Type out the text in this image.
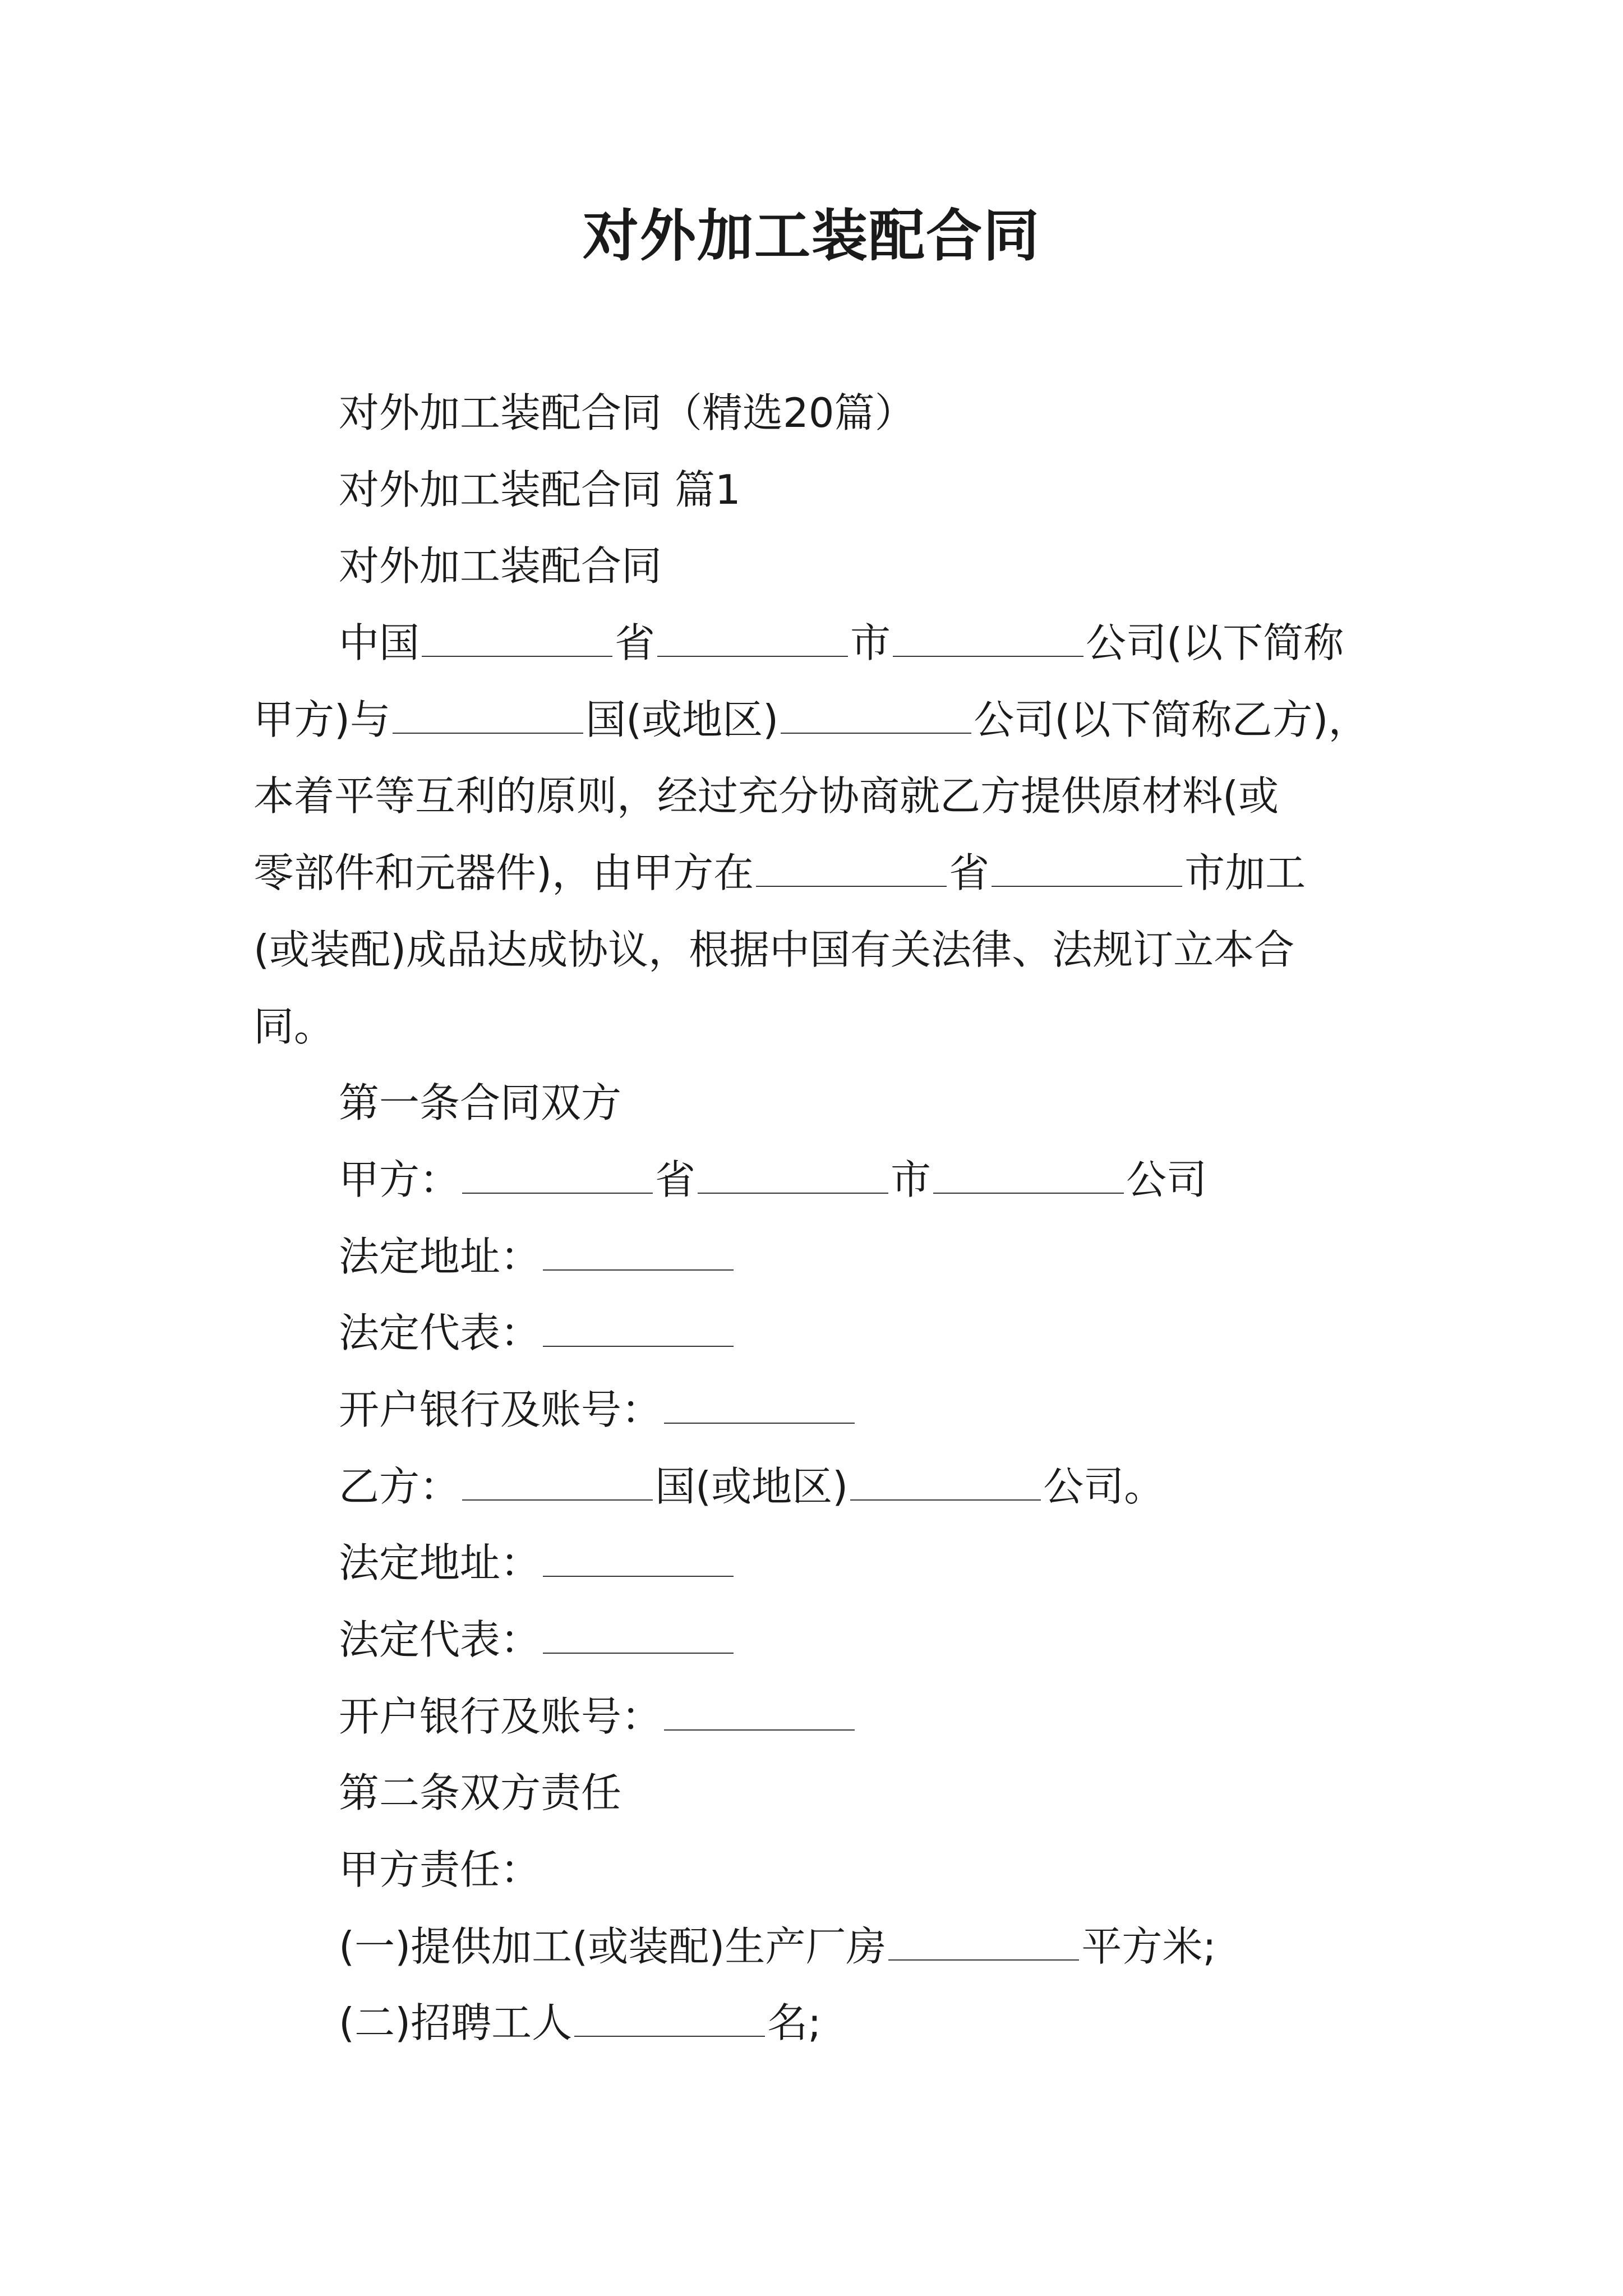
对外加工装配合同
对外加工装配合同（精选20篇）
对外加工装配合同 篇1
对外加工装配合同
中国	省	市	公司(以下简称
甲方)与	国(或地区)	公司(以下简称乙方)，
本着平等互利的原则，经过充分协商就乙方提供原材料(或
零部件和元器件)，由甲方在	省	市加工
(或装配)成品达成协议，根据中国有关法律、法规订立本合
同。
第一条合同双方
甲方：	省	市	公司
法定地址：
法定代表：
开户银行及账号：
乙方：	国(或地区)	公司。
法定地址：
法定代表：
开户银行及账号：
第二条双方责任
甲方责任：
(一)提供加工(或装配)生产厂房	平方米;
(二)招聘工人	名;
